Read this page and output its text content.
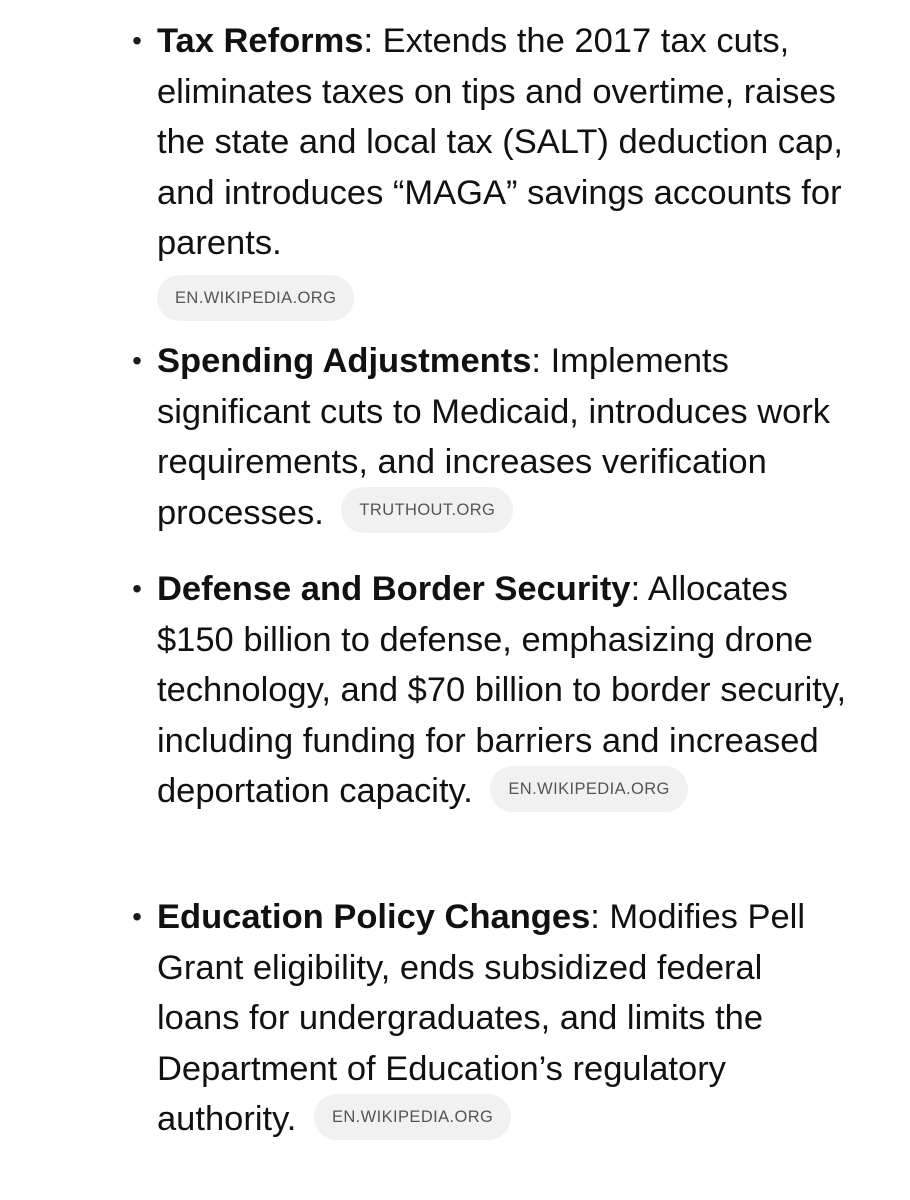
• Tax Reforms: Extends the 2017 tax cuts, eliminates taxes on tips and overtime, raises the state and local tax (SALT) deduction cap, and introduces “MAGA” savings accounts for parents.
EN.WIKIPEDIA.ORG
• Spending Adjustments: Implements significant cuts to Medicaid, introduces work requirements, and increases verification processes. TRUTHOUT.ORG
• Defense and Border Security: Allocates $150 billion to defense, emphasizing drone technology, and $70 billion to border security, including funding for barriers and increased deportation capacity. EN.WIKIPEDIA.ORG
• Education Policy Changes: Modifies Pell Grant eligibility, ends subsidized federal loans for undergraduates, and limits the Department of Education’s regulatory authority. EN.WIKIPEDIA.ORG
